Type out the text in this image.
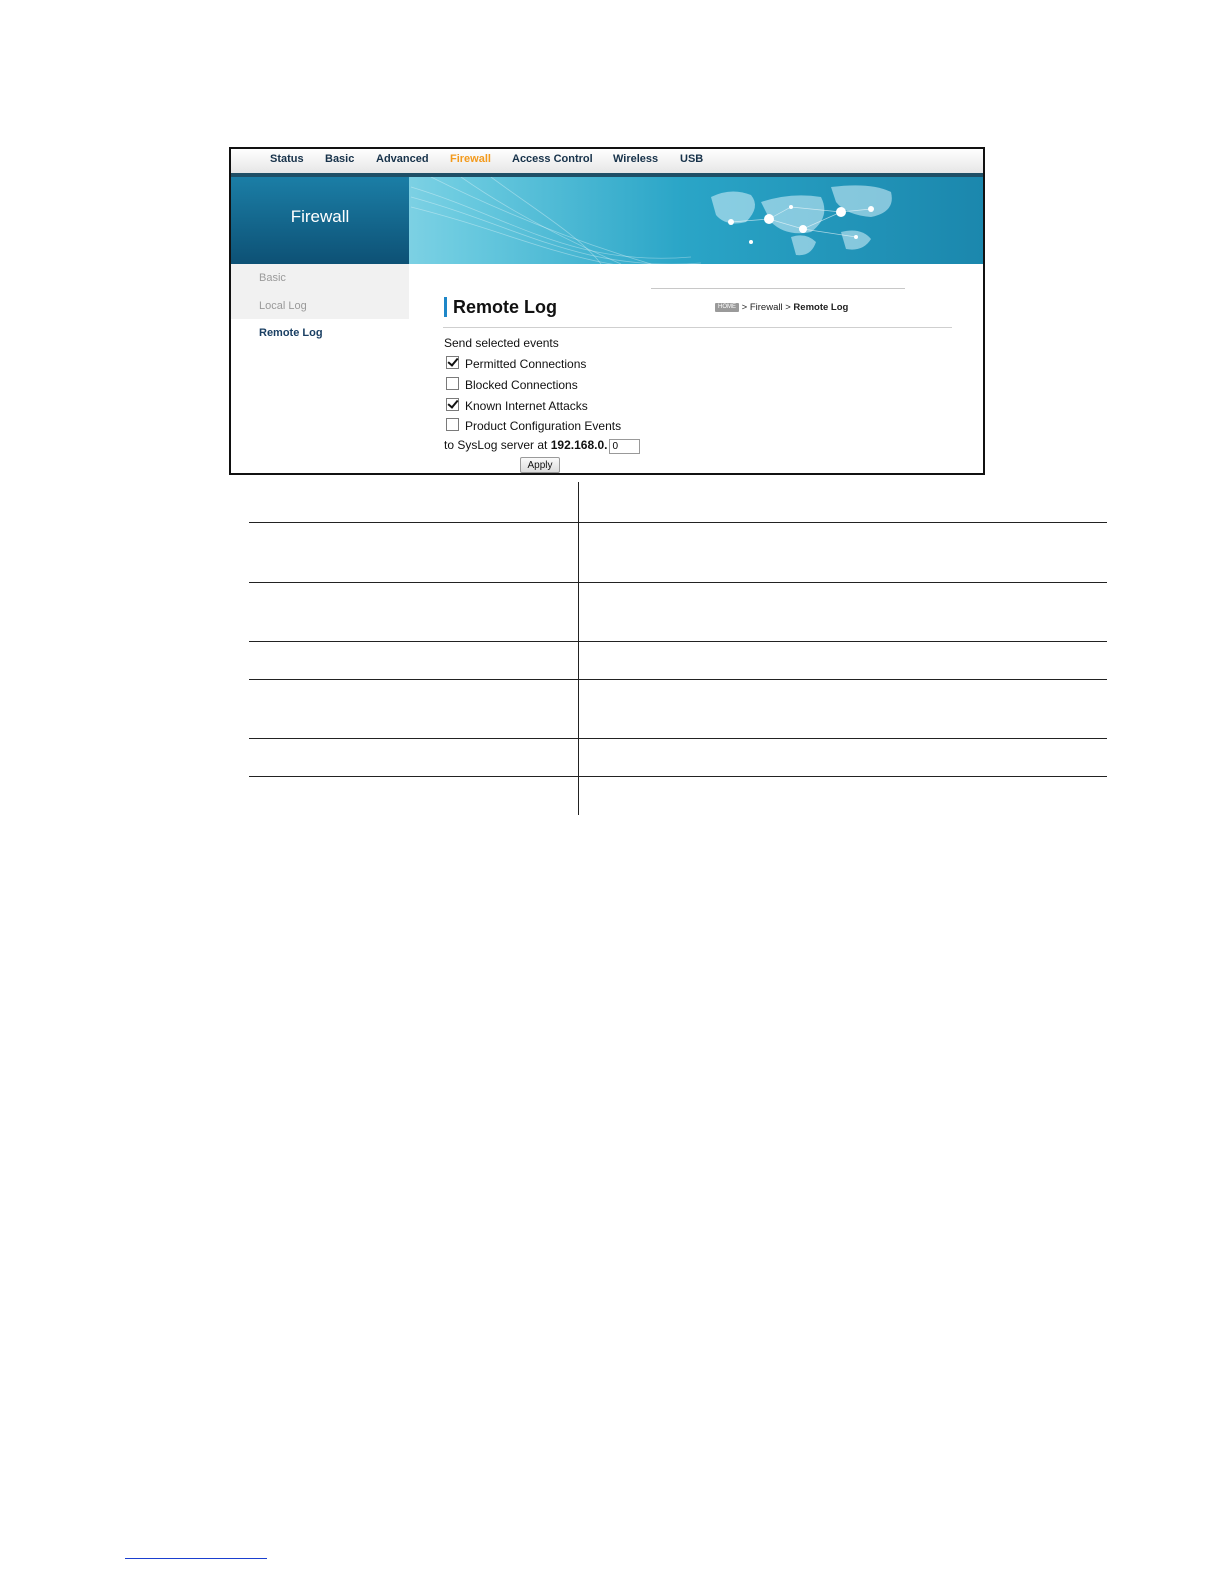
Status Basic Advanced Firewall Access Control Wireless USB
Firewall
Basic
Local Log
Remote Log
Remote Log	HOME > Firewall > Remote Log
Send selected events
Permitted Connections
Blocked Connections
Known Internet Attacks
Product Configuration Events
to SysLog server at 192.168.0.0
Apply
